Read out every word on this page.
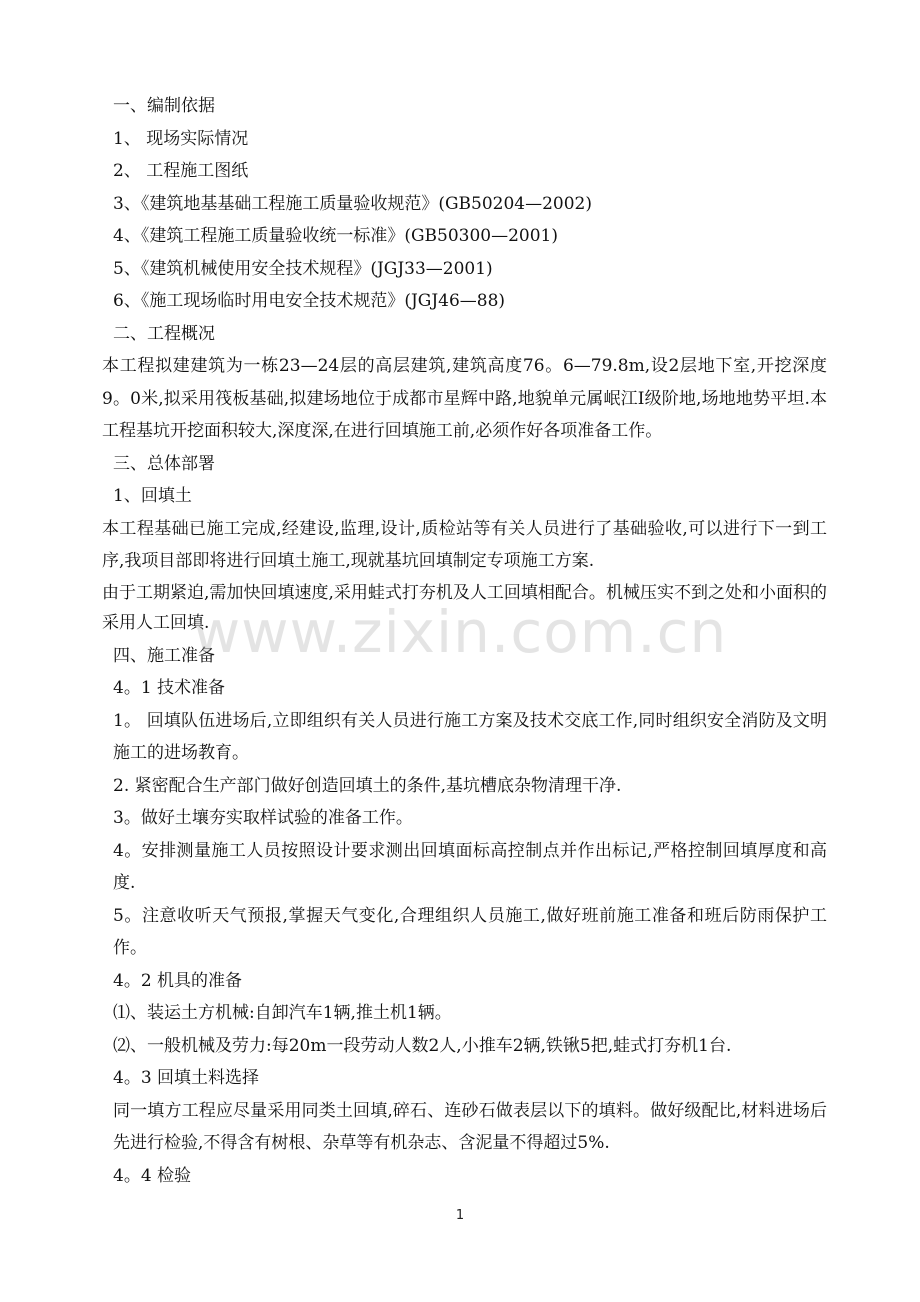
一、编制依据

1、 现场实际情况

2、 工程施工图纸

3、《建筑地基基础工程施工质量验收规范》(GB50204—2002)

4、《建筑工程施工质量验收统一标准》(GB50300—2001)

5、《建筑机械使用安全技术规程》(JGJ33—2001)

6、《施工现场临时用电安全技术规范》(JGJ46—88)

二、工程概况

本工程拟建建筑为一栋23—24层的高层建筑,建筑高度76。6—79.8m,设2层地下室,开挖深度9。0米,拟采用筏板基础,拟建场地位于成都市星辉中路,地貌单元属岷江Ⅰ级阶地,场地地势平坦.本工程基坑开挖面积较大,深度深,在进行回填施工前,必须作好各项准备工作。

三、总体部署

1、回填土

本工程基础已施工完成,经建设,监理,设计,质检站等有关人员进行了基础验收,可以进行下一到工序,我项目部即将进行回填土施工,现就基坑回填制定专项施工方案.

由于工期紧迫,需加快回填速度,采用蛙式打夯机及人工回填相配合。机械压实不到之处和小面积的采用人工回填.

四、施工准备

4。1 技术准备

1。 回填队伍进场后,立即组织有关人员进行施工方案及技术交底工作,同时组织安全消防及文明施工的进场教育。

2. 紧密配合生产部门做好创造回填土的条件,基坑槽底杂物清理干净.

3。做好土壤夯实取样试验的准备工作。

4。安排测量施工人员按照设计要求测出回填面标高控制点并作出标记,严格控制回填厚度和高度.

5。注意收听天气预报,掌握天气变化,合理组织人员施工,做好班前施工准备和班后防雨保护工作。

4。2 机具的准备

⑴、装运土方机械:自卸汽车1辆,推土机1辆。

⑵、一般机械及劳力:每20m一段劳动人数2人,小推车2辆,铁锹5把,蛙式打夯机1台.

4。3 回填土料选择

同一填方工程应尽量采用同类土回填,碎石、连砂石做表层以下的填料。做好级配比,材料进场后先进行检验,不得含有树根、杂草等有机杂志、含泥量不得超过5%.

4。4 检验

www.zixin.com.cn
1
